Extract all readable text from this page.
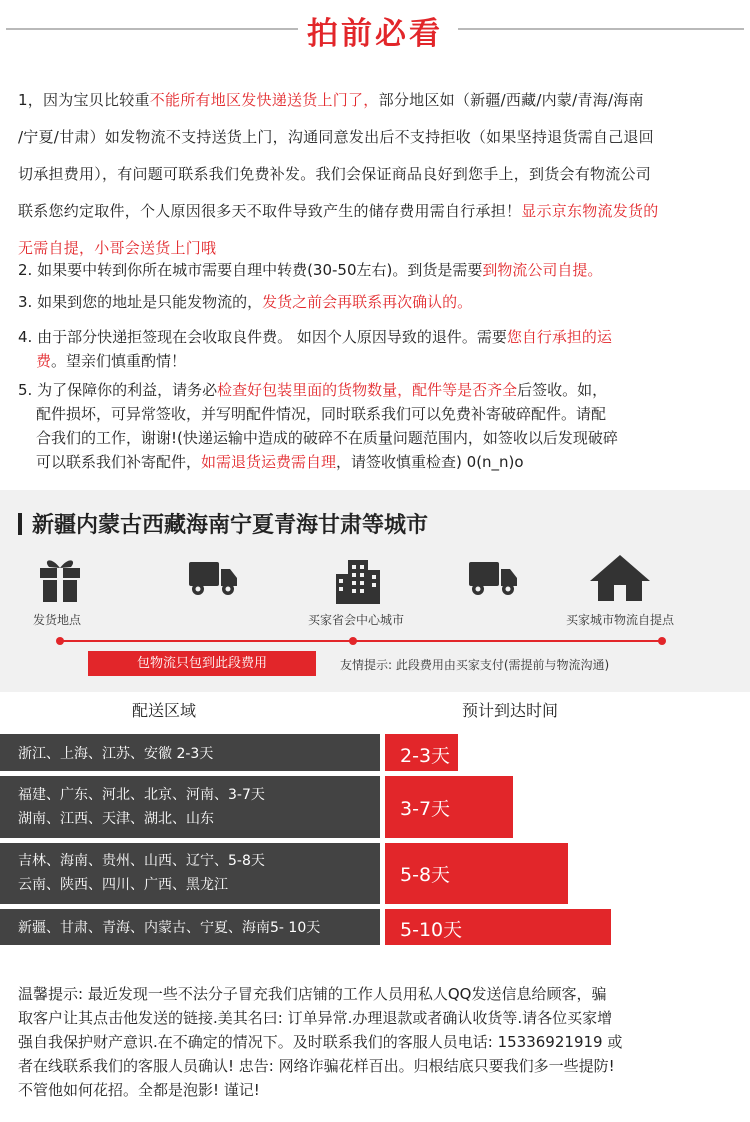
拍前必看
1，因为宝贝比较重不能所有地区发快递送货上门了，部分地区如（新疆/西藏/内蒙/青海/海南
/宁夏/甘肃）如发物流不支持送货上门，沟通同意发出后不支持拒收（如果坚持退货需自己退回
切承担费用），有问题可联系我们免费补发。我们会保证商品良好到您手上，到货会有物流公司
联系您约定取件，个人原因很多天不取件导致产生的储存费用需自行承担！显示京东物流发货的
无需自提，小哥会送货上门哦
2. 如果要中转到你所在城市需要自理中转费(30-50左右)。到货是需要到物流公司自提。
3. 如果到您的地址是只能发物流的，发货之前会再联系再次确认的。
4. 由于部分快递拒签现在会收取良件费。 如因个人原因导致的退件。需要您自行承担的运
费。望亲们慎重酌情！
5. 为了保障你的利益，请务必检查好包装里面的货物数量，配件等是否齐全后签收。如，
配件损坏，可异常签收，并写明配件情况，同时联系我们可以免费补寄破碎配件。请配
合我们的工作，谢谢!(快递运输中造成的破碎不在质量问题范围内，如签收以后发现破碎
可以联系我们补寄配件，如需退货运费需自理，请签收慎重检查) 0(n_n)o
新疆内蒙古西藏海南宁夏青海甘肃等城市
发货地点	买家省会中心城市	买家城市物流自提点
包物流只包到此段费用	友情提示: 此段费用由买家支付(需提前与物流沟通)
配送区域	预计到达时间
浙江、上海、江苏、安徽 2-3天	2-3天
福建、广东、河北、北京、河南、3-7天
湖南、江西、天津、湖北、山东	3-7天
吉林、海南、贵州、山西、辽宁、5-8天
云南、陕西、四川、广西、黑龙江	5-8天
新疆、甘肃、青海、内蒙古、宁夏、海南5- 10天	5-10天
温馨提示: 最近发现一些不法分子冒充我们店铺的工作人员用私人QQ发送信息给顾客，骗
取客户让其点击他发送的链接.美其名曰: 订单异常.办理退款或者确认收货等.请各位买家增
强自我保护财产意识.在不确定的情况下。及时联系我们的客服人员电话: 15336921919 或
者在线联系我们的客服人员确认! 忠告: 网络诈骗花样百出。归根结底只要我们多一些提防!
不管他如何花招。全都是泡影! 谨记!
